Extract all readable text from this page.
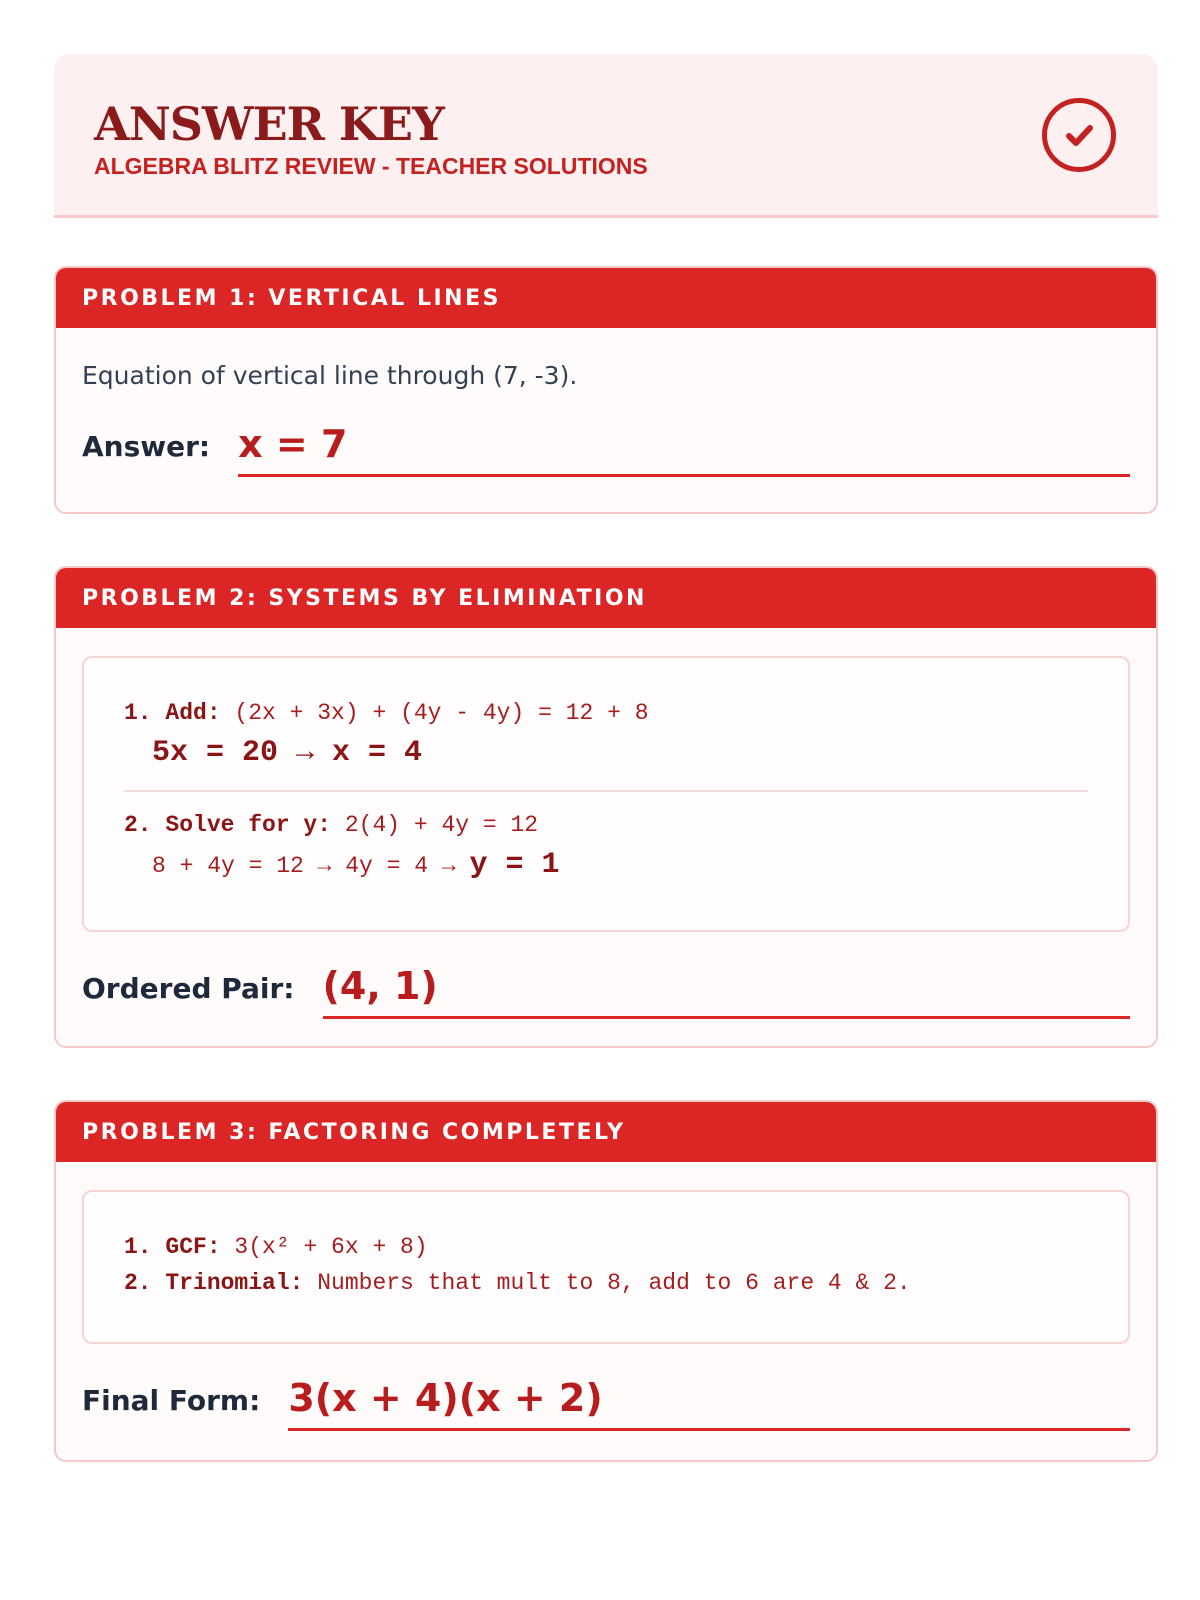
ANSWER KEY
ALGEBRA BLITZ REVIEW - TEACHER SOLUTIONS
PROBLEM 1: VERTICAL LINES
Equation of vertical line through (7, -3).
Answer: x = 7
PROBLEM 2: SYSTEMS BY ELIMINATION
1. Add: (2x + 3x) + (4y - 4y) = 12 + 8
5x = 20 → x = 4
2. Solve for y: 2(4) + 4y = 12
8 + 4y = 12 → 4y = 4 → y = 1
Ordered Pair: (4, 1)
PROBLEM 3: FACTORING COMPLETELY
1. GCF: 3(x² + 6x + 8)
2. Trinomial: Numbers that mult to 8, add to 6 are 4 & 2.
Final Form: 3(x + 4)(x + 2)
